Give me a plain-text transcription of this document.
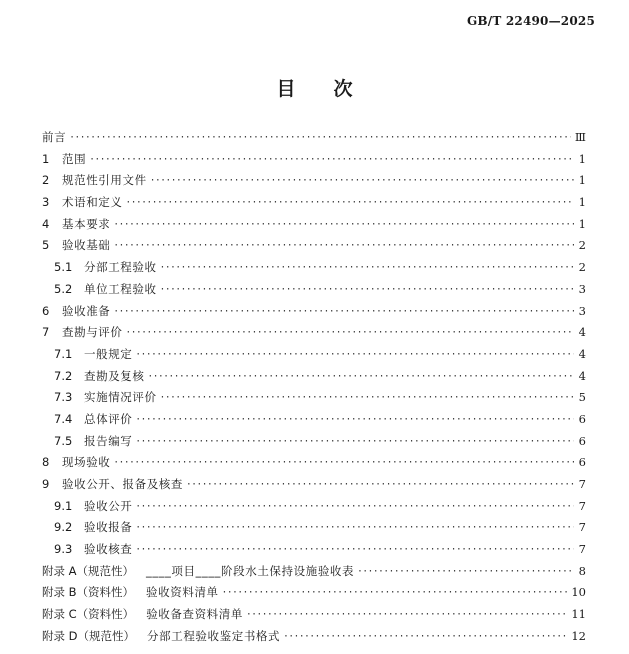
GB/T 22490—2025
目次
前言 ·····	Ⅲ
1	范围 ·····	1
2	规范性引用文件 ·····	1
3	术语和定义 ·····	1
4	基本要求 ·····	1
5	验收基础 ·····	2
5.1	分部工程验收 ·····	2
5.2	单位工程验收 ·····	3
6	验收准备 ·····	3
7	查勘与评价 ·····	4
7.1	一般规定 ·····	4
7.2	查勘及复核 ·····	4
7.3	实施情况评价 ·····	5
7.4	总体评价 ·····	6
7.5	报告编写 ·····	6
8	现场验收 ·····	6
9	验收公开、报备及核查 ·····	7
9.1	验收公开 ·····	7
9.2	验收报备 ·····	7
9.3	验收核查 ·····	7
附录 A（规范性） ____项目____阶段水土保持设施验收表 ·····	8
附录 B（资料性） 验收资料清单 ·····	10
附录 C（资料性） 验收备查资料清单 ·····	11
附录 D（规范性） 分部工程验收鉴定书格式 ·····	12
